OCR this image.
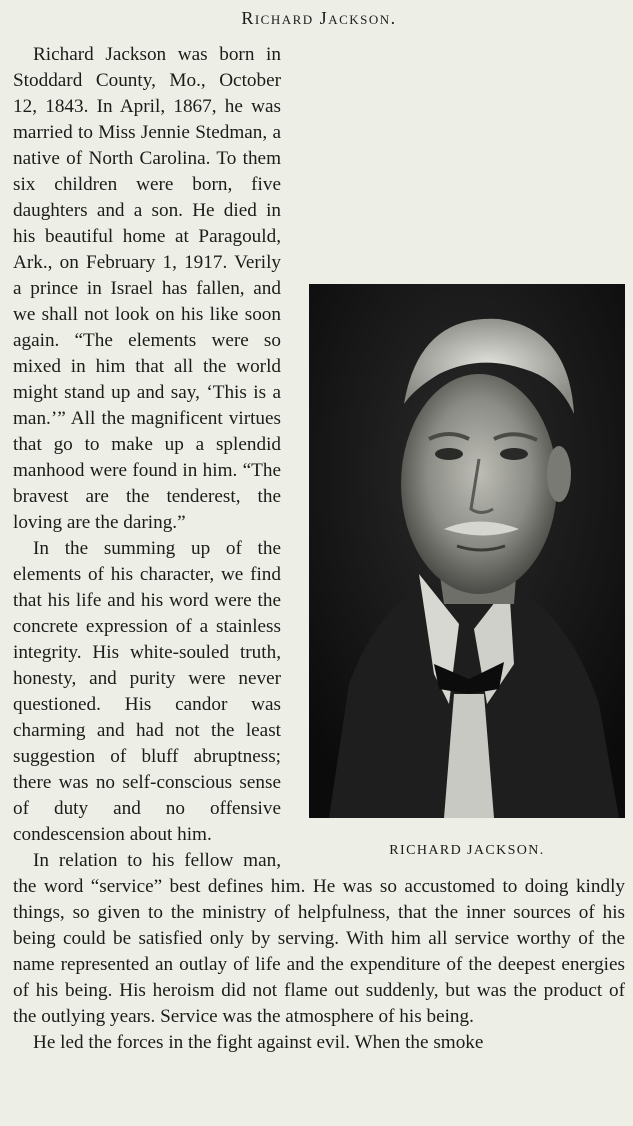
Richard Jackson.
RICHARD JACKSON.

Richard Jackson was born in Stoddard County, Mo., October 12, 1843. In April, 1867, he was married to Miss Jennie Stedman, a native of North Carolina. To them six children were born, five daughters and a son. He died in his beautiful home at Paragould, Ark., on February 1, 1917. Verily a prince in Israel has fallen, and we shall not look on his like soon again. “The elements were so mixed in him that all the world might stand up and say, ‘This is a man.’” All the magnificent virtues that go to make up a splendid manhood were found in him. “The bravest are the tenderest, the loving are the daring.”

In the summing up of the elements of his character, we find that his life and his word were the concrete expression of a stainless integrity. His white-souled truth, honesty, and purity were never questioned. His candor was charming and had not the least suggestion of bluff abruptness; there was no self-conscious sense of duty and no offensive condescension about him.

In relation to his fellow man, the word “service” best defines him. He was so accustomed to doing kindly things, so given to the ministry of helpfulness, that the inner sources of his being could be satisfied only by serving. With him all service worthy of the name represented an outlay of life and the expenditure of the deepest energies of his being. His heroism did not flame out suddenly, but was the product of the outlying years. Service was the atmosphere of his being.

He led the forces in the fight against evil. When the smoke
